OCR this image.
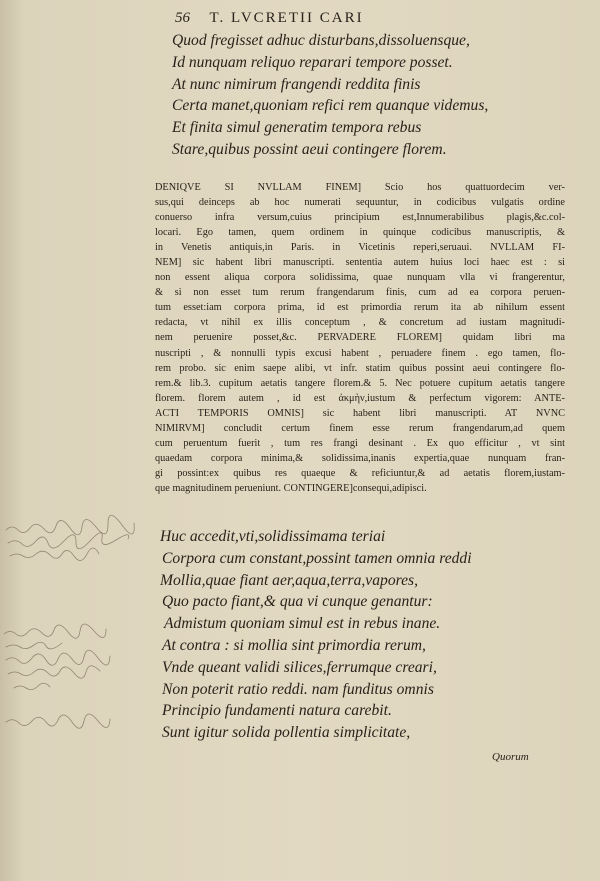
56 T. LVCRETII CARI
Quod fregisset adhuc disturbans,dissoluensque,
Id nunquam reliquo reparari tempore posset.
At nunc nimirum frangendi reddita finis
Certa manet,quoniam refici rem quanque videmus,
Et finita simul generatim tempora rebus
Stare,quibus possint aeui contingere florem.
DENIQVE SI NVLLAM FINEM] Scio hos quattuordecim ver-
sus,qui deinceps ab hoc numerati sequuntur, in codicibus vulgatis ordine
conuerso infra versum,cuius principium est,Innumerabilibus plagis,&c.col-
locari. Ego tamen, quem ordinem in quinque codicibus manuscriptis, &
in Venetis antiquis,in Paris. in Vicetinis reperi,seruaui. NVLLAM FI-
NEM] sic habent libri manuscripti. sententia autem huius loci haec est : si
non essent aliqua corpora solidissima, quae nunquam vlla vi frangerentur,
& si non esset tum rerum frangendarum finis, cum ad ea corpora peruen-
tum esset:iam corpora prima, id est primordia rerum ita ab nihilum essent
redacta, vt nihil ex illis conceptum , & concretum ad iustam magnitudi-
nem peruenire posset,&c. PERVADERE FLOREM] quidam libri ma
nuscripti , & nonnulli typis excusi habent , peruadere finem . ego tamen, flo-
rem probo. sic enim saepe alibi, vt infr. statim quibus possint aeui contingere flo-
rem.& lib.3. cupitum aetatis tangere florem.& 5. Nec potuere cupitum aetatis tangere
florem. florem autem , id est ἀκμὴν,iustum & perfectum vigorem: ANTE-
ACTI TEMPORIS OMNIS] sic habent libri manuscripti. AT NVNC
NIMIRVM] concludit certum finem esse rerum frangendarum,ad quem
cum peruentum fuerit , tum res frangi desinant . Ex quo efficitur , vt sint
quaedam corpora minima,& solidissima,inanis expertia,quae nunquam fran-
gi possint:ex quibus res quaeque & reficiuntur,& ad aetatis florem,iustam-
que magnitudinem perueniunt. CONTINGERE]consequi,adipisci.
Huc accedit,vti,solidissimama teriai
Corpora cum constant,possint tamen omnia reddi
Mollia,quae fiant aer,aqua,terra,vapores,
Quo pacto fiant,& qua vi cunque genantur:
Admistum quoniam simul est in rebus inane.
At contra : si mollia sint primordia rerum,
Vnde queant validi silices,ferrumque creari,
Non poterit ratio reddi. nam funditus omnis
Principio fundamenti natura carebit.
Sunt igitur solida pollentia simplicitate,
Quorum
